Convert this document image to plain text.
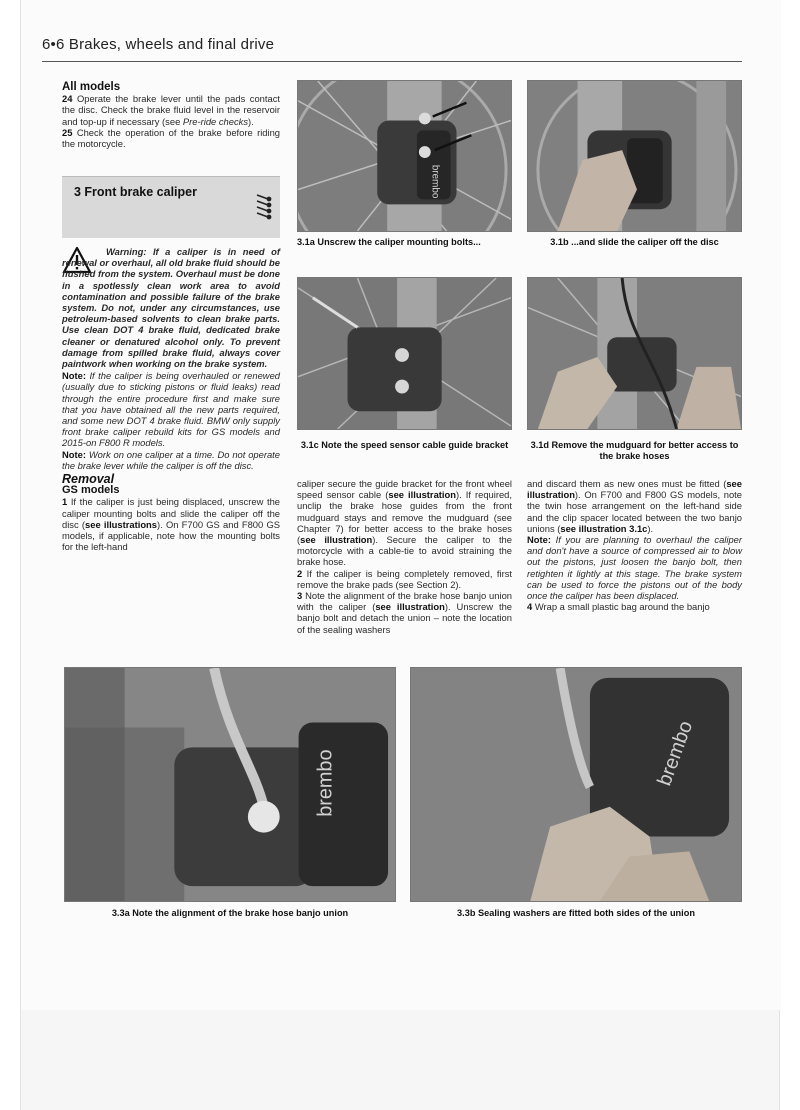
6•6 Brakes, wheels and final drive

All models

24 Operate the brake lever until the pads contact the disc. Check the brake fluid level in the reservoir and top-up if necessary (see Pre-ride checks).

25 Check the operation of the brake before riding the motorcycle.

3 Front brake caliper

Warning: If a caliper is in need of renewal or overhaul, all old brake fluid should be flushed from the system. Overhaul must be done in a spotlessly clean work area to avoid contamination and possible failure of the brake system. Do not, under any circumstances, use petroleum-based solvents to clean brake parts. Use clean DOT 4 brake fluid, dedicated brake cleaner or denatured alcohol only. To prevent damage from spilled brake fluid, always cover paintwork when working on the brake system.

Note: If the caliper is being overhauled or renewed (usually due to sticking pistons or fluid leaks) read through the entire procedure first and make sure that you have obtained all the new parts required, and some new DOT 4 brake fluid. BMW only supply front brake caliper rebuild kits for GS models and 2015-on F800 R models.

Note: Work on one caliper at a time. Do not operate the brake lever while the caliper is off the disc.

Removal

GS models

1 If the caliper is just being displaced, unscrew the caliper mounting bolts and slide the caliper off the disc (see illustrations). On F700 GS and F800 GS models, if applicable, note how the mounting bolts for the left-hand

brembo
3.1a Unscrew the caliper mounting bolts...	3.1b ...and slide the caliper off the disc
3.1c Note the speed sensor cable guide bracket	3.1d Remove the mudguard for better access to the brake hoses

caliper secure the guide bracket for the front wheel speed sensor cable (see illustration). If required, unclip the brake hose guides from the front mudguard stays and remove the mudguard (see Chapter 7) for better access to the brake hoses (see illustration). Secure the caliper to the motorcycle with a cable-tie to avoid straining the brake hose.

2 If the caliper is being completely removed, first remove the brake pads (see Section 2).

3 Note the alignment of the brake hose banjo union with the caliper (see illustration). Unscrew the banjo bolt and detach the union – note the location of the sealing washers

and discard them as new ones must be fitted (see illustration). On F700 and F800 GS models, note the twin hose arrangement on the left-hand side and the clip spacer located between the two banjo unions (see illustration 3.1c).

Note: If you are planning to overhaul the caliper and don't have a source of compressed air to blow out the pistons, just loosen the banjo bolt, then retighten it lightly at this stage. The brake system can be used to force the pistons out of the body once the caliper has been displaced.

4 Wrap a small plastic bag around the banjo

brembo
3.3a Note the alignment of the brake hose banjo union
brembo
3.3b Sealing washers are fitted both sides of the union
